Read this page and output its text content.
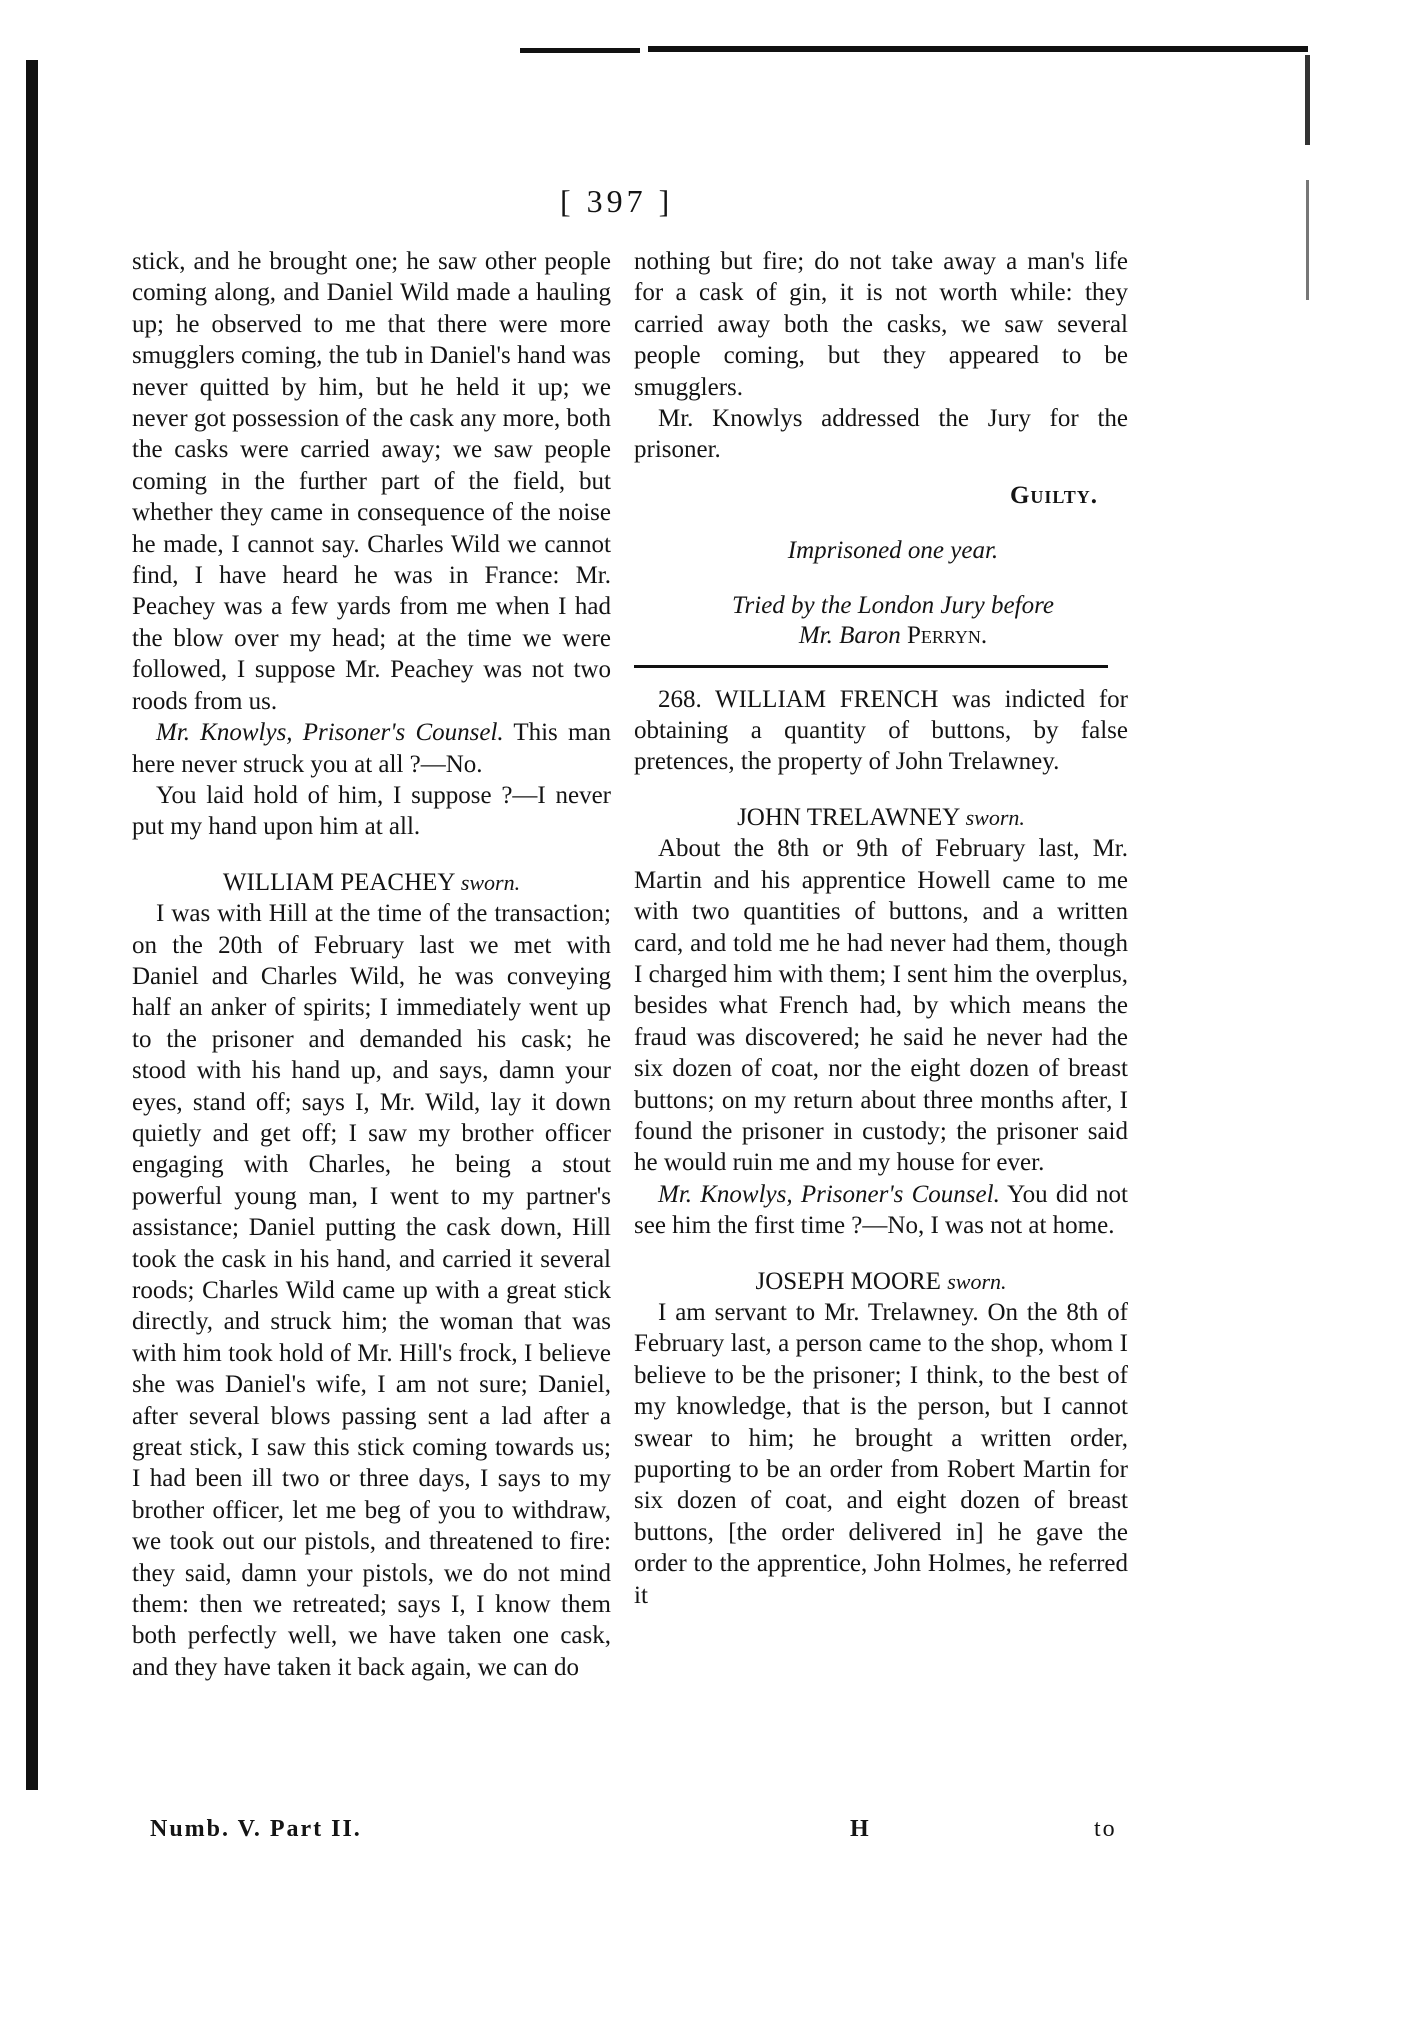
[ 397 ]

stick, and he brought one; he saw other people coming along, and Daniel Wild made a hauling up; he observed to me that there were more smugglers coming, the tub in Daniel's hand was never quitted by him, but he held it up; we never got possession of the cask any more, both the casks were carried away; we saw people coming in the further part of the field, but whether they came in consequence of the noise he made, I cannot say. Charles Wild we cannot find, I have heard he was in France: Mr. Peachey was a few yards from me when I had the blow over my head; at the time we were followed, I suppose Mr. Peachey was not two roods from us.

Mr. Knowlys, Prisoner's Counsel. This man here never struck you at all ?—No.

You laid hold of him, I suppose ?—I never put my hand upon him at all.

WILLIAM PEACHEY sworn.

I was with Hill at the time of the transaction; on the 20th of February last we met with Daniel and Charles Wild, he was conveying half an anker of spirits; I immediately went up to the prisoner and demanded his cask; he stood with his hand up, and says, damn your eyes, stand off; says I, Mr. Wild, lay it down quietly and get off; I saw my brother officer engaging with Charles, he being a stout powerful young man, I went to my partner's assistance; Daniel putting the cask down, Hill took the cask in his hand, and carried it several roods; Charles Wild came up with a great stick directly, and struck him; the woman that was with him took hold of Mr. Hill's frock, I believe she was Daniel's wife, I am not sure; Daniel, after several blows passing sent a lad after a great stick, I saw this stick coming towards us; I had been ill two or three days, I says to my brother officer, let me beg of you to withdraw, we took out our pistols, and threatened to fire: they said, damn your pistols, we do not mind them: then we retreated; says I, I know them both perfectly well, we have taken one cask, and they have taken it back again, we can do

nothing but fire; do not take away a man's life for a cask of gin, it is not worth while: they carried away both the casks, we saw several people coming, but they appeared to be smugglers.

Mr. Knowlys addressed the Jury for the prisoner.

Guilty.

Imprisoned one year.

Tried by the London Jury before

Mr. Baron Perryn.

268. WILLIAM FRENCH was indicted for obtaining a quantity of buttons, by false pretences, the property of John Trelawney.

JOHN TRELAWNEY sworn.

About the 8th or 9th of February last, Mr. Martin and his apprentice Howell came to me with two quantities of buttons, and a written card, and told me he had never had them, though I charged him with them; I sent him the overplus, besides what French had, by which means the fraud was discovered; he said he never had the six dozen of coat, nor the eight dozen of breast buttons; on my return about three months after, I found the prisoner in custody; the prisoner said he would ruin me and my house for ever.

Mr. Knowlys, Prisoner's Counsel. You did not see him the first time ?—No, I was not at home.

JOSEPH MOORE sworn.

I am servant to Mr. Trelawney. On the 8th of February last, a person came to the shop, whom I believe to be the prisoner; I think, to the best of my knowledge, that is the person, but I cannot swear to him; he brought a written order, puporting to be an order from Robert Martin for six dozen of coat, and eight dozen of breast buttons, [the order delivered in] he gave the order to the apprentice, John Holmes, he referred it

Numb. V. Part II.	H	to
